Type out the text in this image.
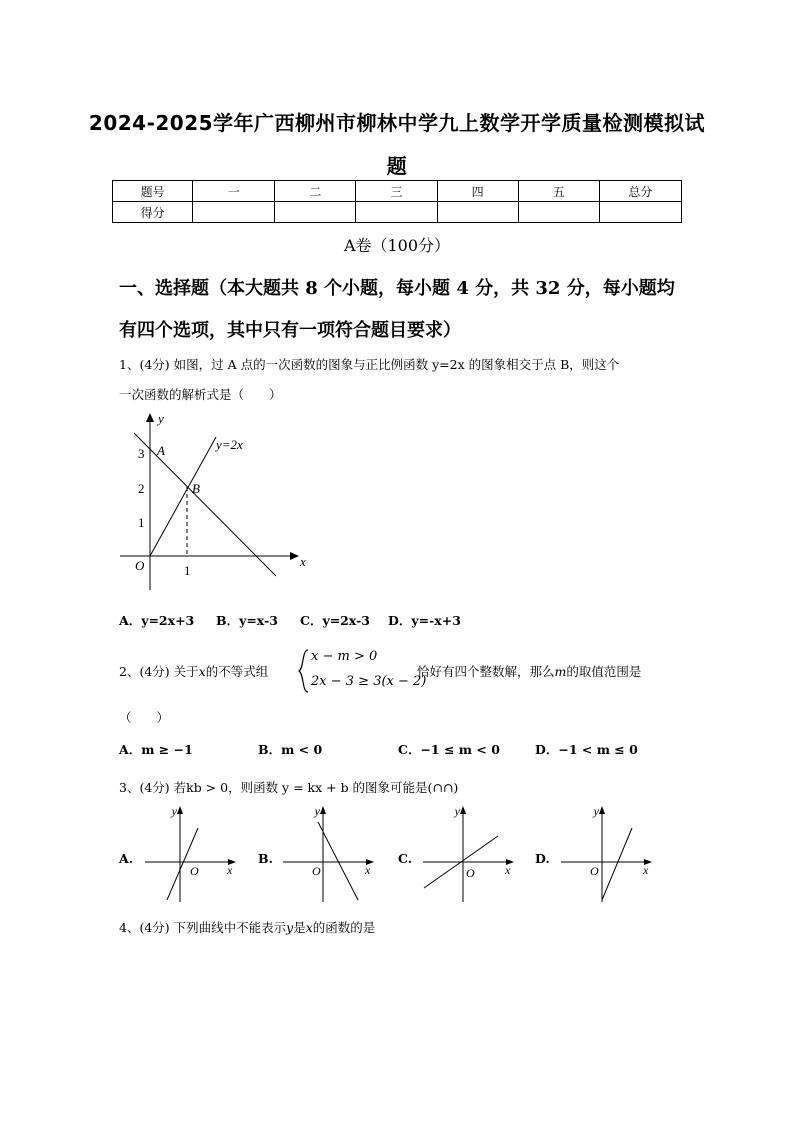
2024-2025学年广西柳州市柳林中学九上数学开学质量检测模拟试
题
题号	一	二	三	四	五	总分
得分						
A卷（100分）
一、选择题（本大题共 8 个小题，每小题 4 分，共 32 分，每小题均
有四个选项，其中只有一项符合题目要求）
1、(4分) 如图，过 A 点的一次函数的图象与正比例函数 y=2x 的图象相交于点 B，则这个
一次函数的解析式是（　　）
y
x
O
y=2x
A
B
3
2
1
1
A．y=2x+3 B．y=x-3 C．y=2x-3 D．y=-x+3
2、(4分) 关于x的不等式组
x − m > 0
2x − 3 ≥ 3(x − 2)
恰好有四个整数解，那么m的取值范围是
（　　）
A．m ≥ −1	B．m < 0	C．−1 ≤ m < 0	D．−1 < m ≤ 0
3、(4分) 若kb > 0，则函数 y = kx + b 的图象可能是(∩∩)
A.
y
x
O
B.
y
x
O
C.
y
x
O
D.
y
x
O
4、(4分) 下列曲线中不能表示y是x的函数的是
